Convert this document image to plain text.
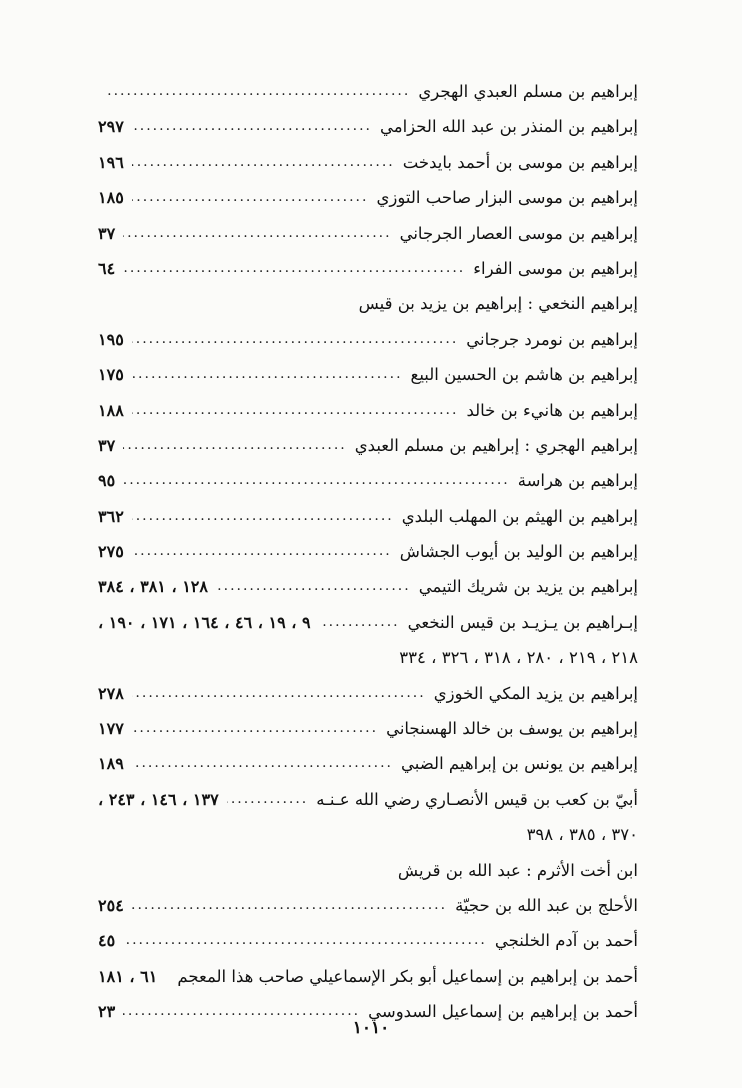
إبراهيم بن مسلم العبدي الهجري
.....
إبراهيم بن المنذر بن عبد الله الحزامي
.....
٢٩٧
إبراهيم بن موسى بن أحمد بايدخت
.....
١٩٦
إبراهيم بن موسى البزار صاحب التوزي
.....
١٨٥
إبراهيم بن موسى العصار الجرجاني
.....
٣٧
إبراهيم بن موسى الفراء
.....
٦٤
إبراهيم النخعي : إبراهيم بن يزيد بن قيس
إبراهيم بن نومرد جرجاني
.....
١٩٥
إبراهيم بن هاشم بن الحسين البيع
.....
١٧٥
إبراهيم بن هانيء بن خالد
.....
١٨٨
إبراهيم الهجري : إبراهيم بن مسلم العبدي
.....
٣٧
إبراهيم بن هراسة
.....
٩٥
إبراهيم بن الهيثم بن المهلب البلدي
.....
٣٦٢
إبراهيم بن الوليد بن أيوب الجشاش
.....
٢٧٥
إبراهيم بن يزيد بن شريك التيمي
.....
١٢٨ ، ٣٨١ ، ٣٨٤
إبـراهيم بن يـزيـد بن قيس النخعي
.....
٩ ، ١٩ ، ٤٦ ، ١٦٤ ، ١٧١ ، ١٩٠ ،
٢١٨ ، ٢١٩ ، ٢٨٠ ، ٣١٨ ، ٣٢٦ ، ٣٣٤
إبراهيم بن يزيد المكي الخوزي
.....
٢٧٨
إبراهيم بن يوسف بن خالد الهسنجاني
.....
١٧٧
إبراهيم بن يونس بن إبراهيم الضبي
.....
١٨٩
أبيّ بن كعب بن قيس الأنصـاري رضي الله عـنـه
.....
١٣٧ ، ١٤٦ ، ٢٤٣ ،
٣٧٠ ، ٣٨٥ ، ٣٩٨
ابن أخت الأثرم : عبد الله بن قريش
الأحلج بن عبد الله بن حجيّة
.....
٢٥٤
أحمد بن آدم الخلنجي
.....
٤٥
أحمد بن إبراهيم بن إسماعيل أبو بكر الإسماعيلي صاحب هذا المعجم
٦١ ، ١٨١
أحمد بن إبراهيم بن إسماعيل السدوسي
.....
٢٣
١٠١٠
